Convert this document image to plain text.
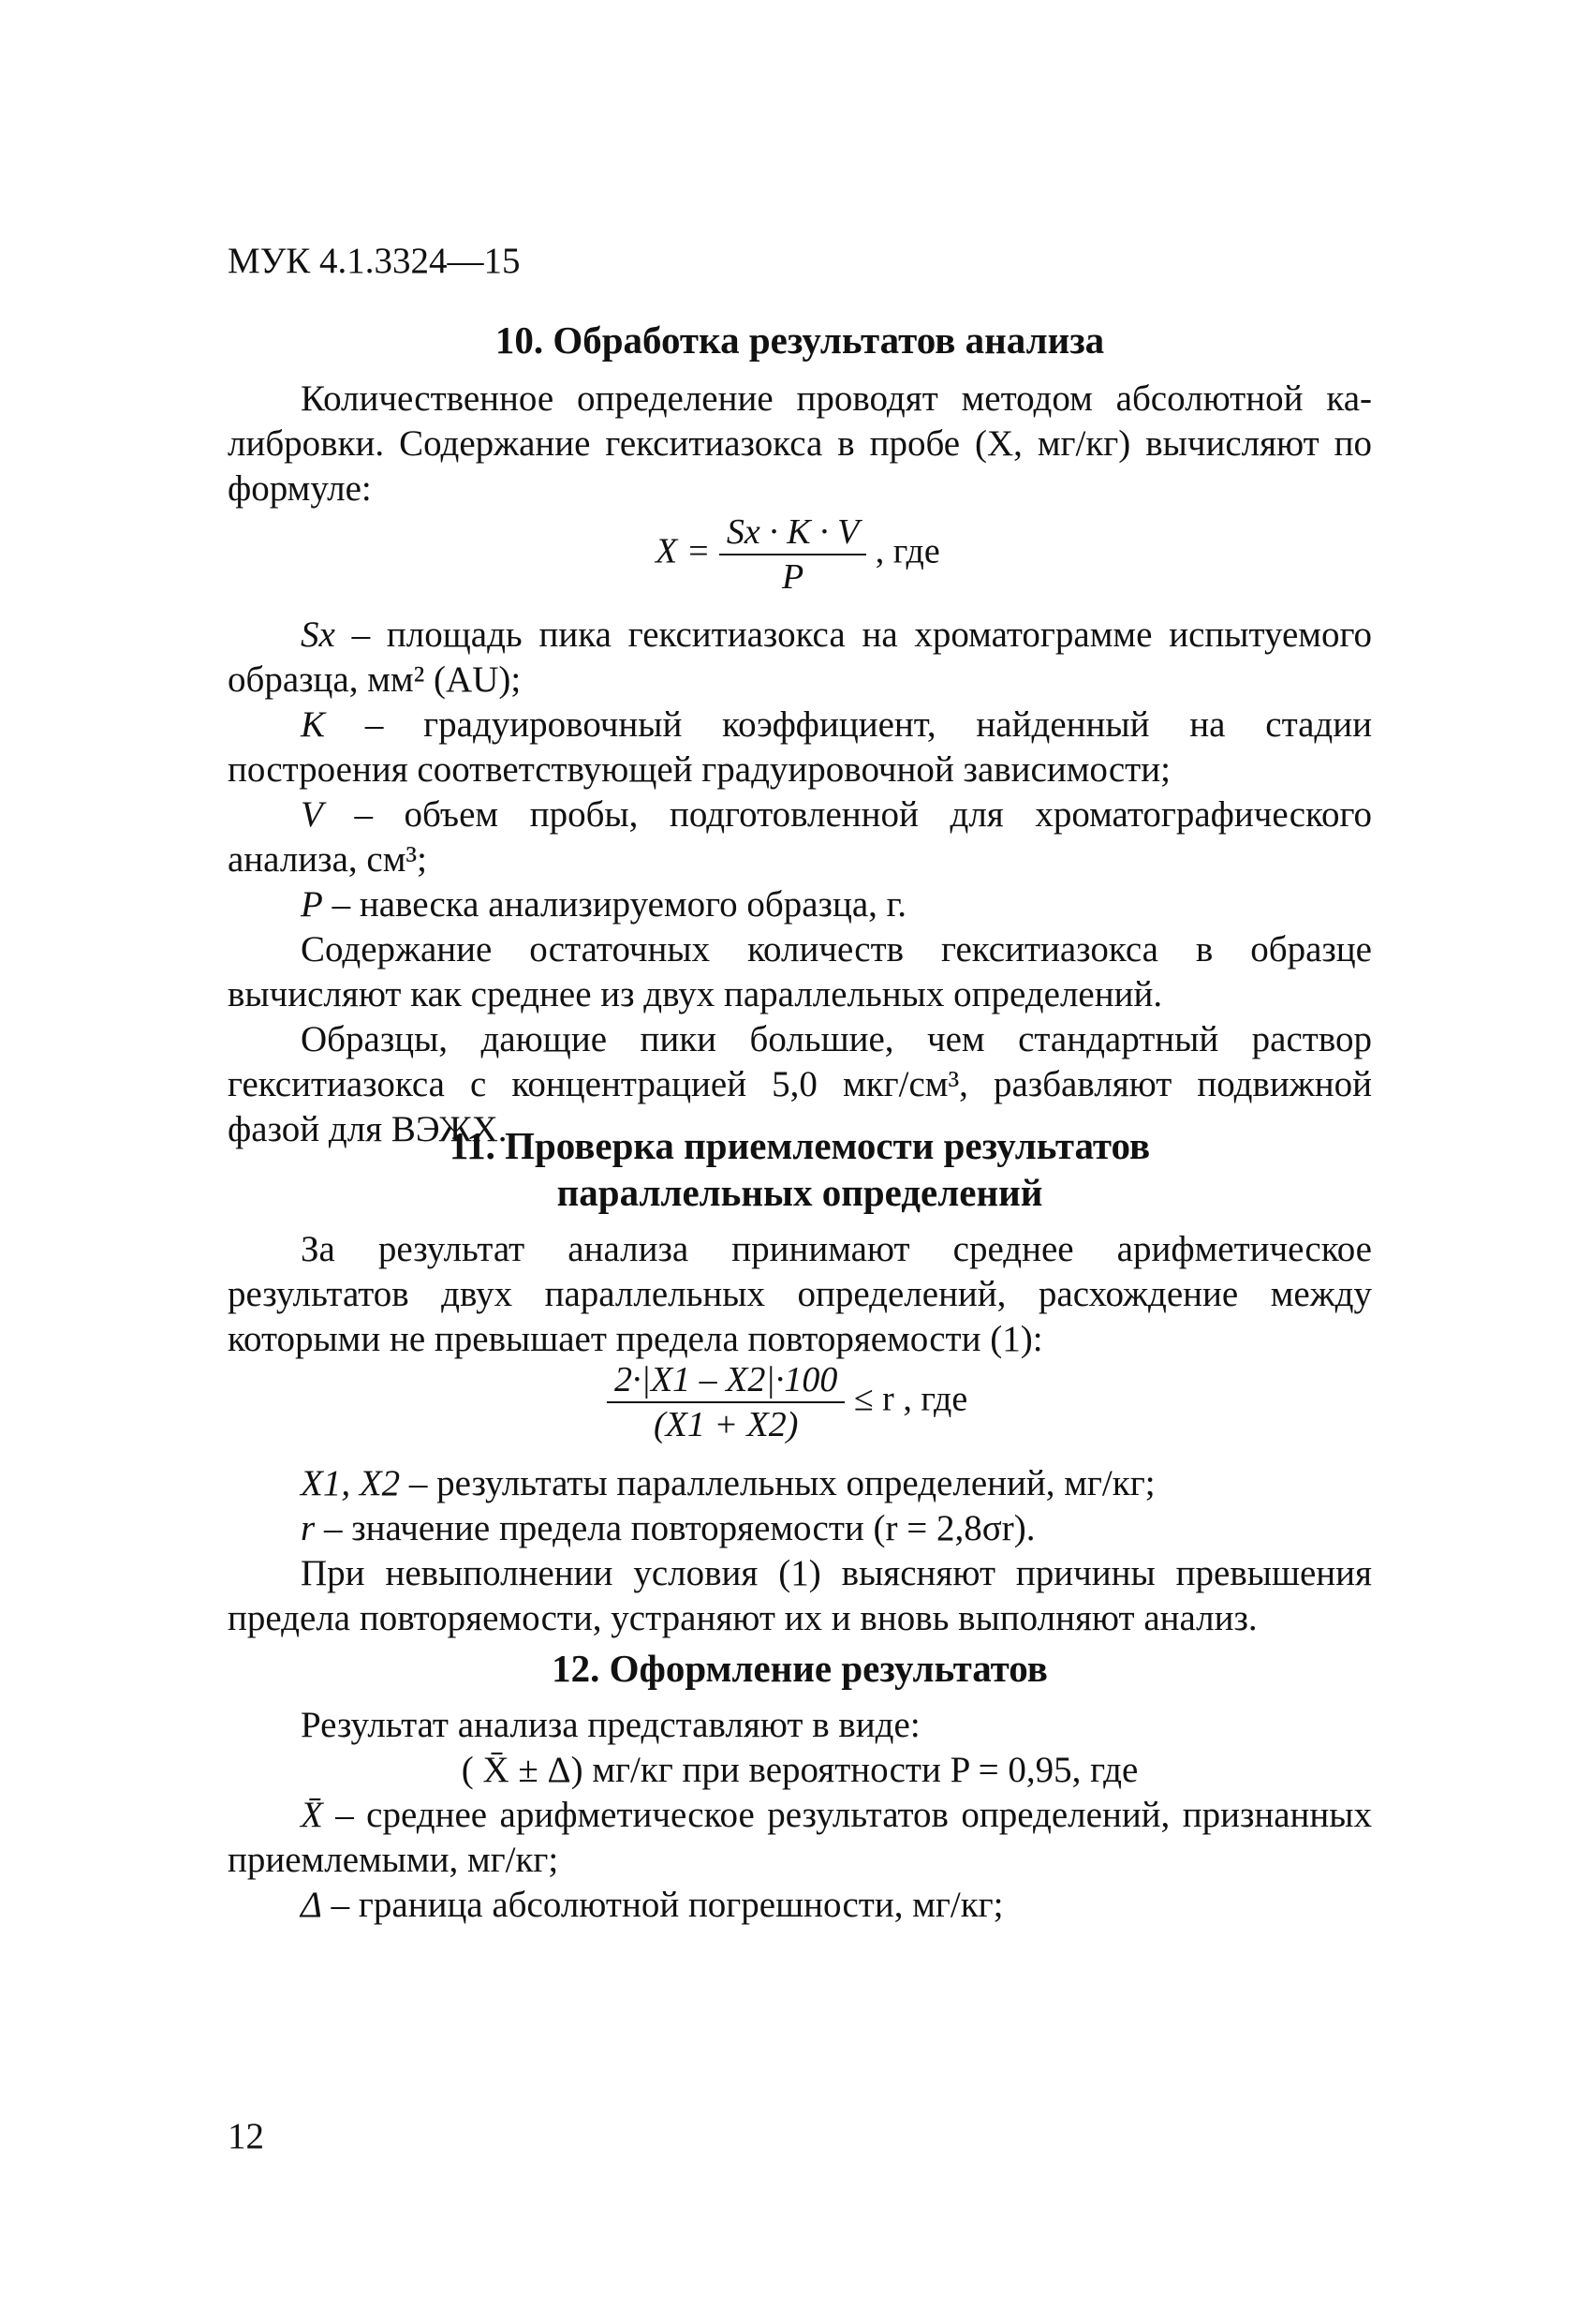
МУК 4.1.3324—15
10. Обработка результатов анализа

Количественное определение проводят методом абсолютной ка- либровки. Содержание гекситиазокса в пробе (X, мг/кг) вычисляют по формуле:

$X = \frac{Sx \cdot K \cdot V}{P}$ , где

Sx – площадь пика гекситиазокса на хроматограмме испытуемого образца, мм² (AU);

K – градуировочный коэффициент, найденный на стадии построения соответствующей градуировочной зависимости;

V – объем пробы, подготовленной для хроматографического анализа, см³;

P – навеска анализируемого образца, г.

Содержание остаточных количеств гекситиазокса в образце вычисляют как среднее из двух параллельных определений.

Образцы, дающие пики большие, чем стандартный раствор гекситиазокса с концентрацией 5,0 мкг/см³, разбавляют подвижной фазой для ВЭЖХ.

11. Проверка приемлемости результатов
параллельных определений

За результат анализа принимают среднее арифметическое результатов двух параллельных определений, расхождение между которыми не превышает предела повторяемости (1):

$\frac{2\cdot|X1 - X2|\cdot 100}{(X1 + X2)} \le r$ , где

X1, X2 – результаты параллельных определений, мг/кг;

r – значение предела повторяемости (r = 2,8σr).

При невыполнении условия (1) выясняют причины превышения предела повторяемости, устраняют их и вновь выполняют анализ.

12. Оформление результатов

Результат анализа представляют в виде:

( X̄ ± Δ) мг/кг при вероятности P = 0,95, где

X̄ – среднее арифметическое результатов определений, признанных приемлемыми, мг/кг;

Δ – граница абсолютной погрешности, мг/кг;

12
